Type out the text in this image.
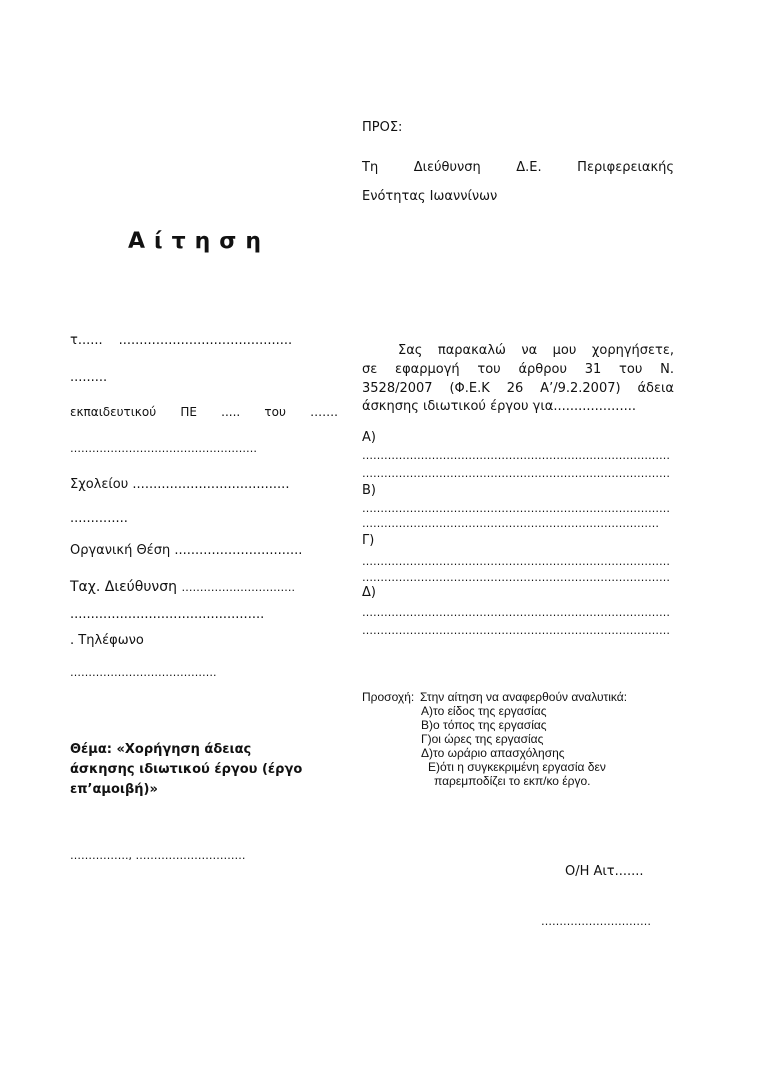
ΠΡΟΣ:
Τη	Διεύθυνση	Δ.Ε.	Περιφερειακής
Ενότητας Ιωαννίνων
Αίτηση
τ...... ..........................................
.........
εκπαιδευτικού ΠΕ ..... του …….
……………………………………………
Σχολείου ......................................
..............
Οργανική Θέση ...............................
Ταχ. Διεύθυνση ………………………….
...............................................
. Τηλέφωνο
………………………………….
Θέμα: «Χορήγηση άδειας
άσκησης ιδιωτικού έργου (έργο
επ’αμοιβή)»
……………., …………………………
Σας παρακαλώ να μου χορηγήσετε,
σε εφαρμογή του άρθρου 31 του Ν.
3528/2007 (Φ.Ε.Κ 26 Α’/9.2.2007) άδεια
άσκησης ιδιωτικού έργου για....................
Α)
…………………………………………………………………………
…………………………………………………………………………
Β)
…………………………………………………………………………
………………………………………………………………………
Γ)
…………………………………………………………………………
…………………………………………………………………………
Δ)
…………………………………………………………………………
…………………………………………………………………………
Προσοχή: Στην αίτηση να αναφερθούν αναλυτικά:
Α)το είδος της εργασίας
Β)ο τόπος της εργασίας
Γ)οι ώρες της εργασίας
Δ)το ωράριο απασχόλησης
Ε)ότι η συγκεκριμένη εργασία δεν
παρεμποδίζει το εκπ/κο έργο.
Ο/Η Αιτ.......
…………………………
